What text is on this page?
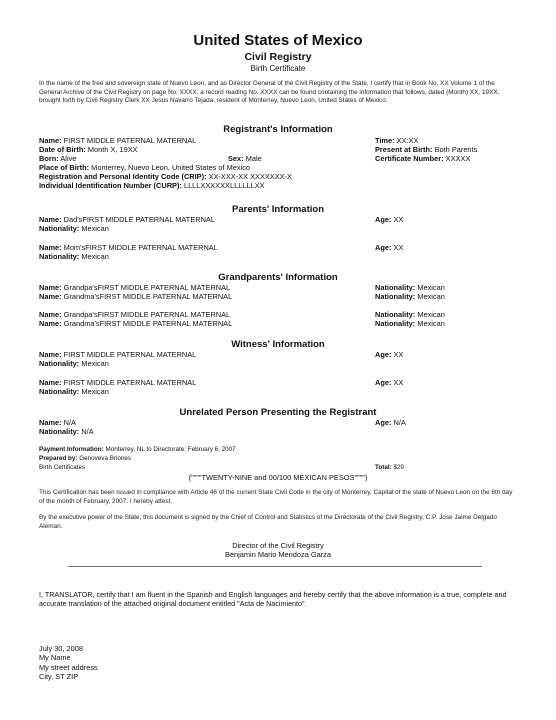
United States of Mexico
Civil Registry
Birth Certificate
In the name of the free and sovereign state of Nuevo Leon, and as Director General of the Civil Registry of the State, I certify that in Book No. XX Volume 1 of the General Archive of the Civil Registry on page No. XXXX, a record reading No. XXXX can be found containing the information that follows, dated (Month) XX, 19XX, brought forth by Civil Registry Clerk XX Jesus Navarro Tejada, resident of Monterrey, Nuevo Leon, United States of Mexico.
Registrant's Information
Name: FIRST MIDDLE PATERNAL MATERNAL	Time: XX:XX
Date of Birth: Month X, 19XX	Present at Birth: Both Parents
Born: Alive	Sex: Male	Certificate Number: XXXXX
Place of Birth: Monterrey, Nuevo Leon, United States of Mexico
Registration and Personal Identity Code (CRIP): XX-XXX-XX XXXXXXX-X
Individual Identification Number (CURP): LLLLXXXXXXLLLLLLXX
Parents' Information
Name: Dad'sFIRST MIDDLE PATERNAL MATERNAL	Age: XX
Nationality: Mexican
Name: Mom'sFIRST MIDDLE PATERNAL MATERNAL	Age: XX
Nationality: Mexican
Grandparents' Information
Name: Grandpa'sFIRST MIDDLE PATERNAL MATERNAL	Nationality: Mexican
Name: Grandma'sFIRST MIDDLE PATERNAL MATERNAL	Nationality: Mexican
Name: Grandpa'sFIRST MIDDLE PATERNAL MATERNAL	Nationality: Mexican
Name: Grandma'sFIRST MIDDLE PATERNAL MATERNAL	Nationality: Mexican
Witness' Information
Name: FIRST MIDDLE PATERNAL MATERNAL	Age: XX
Nationality: Mexican
Name: FIRST MIDDLE PATERNAL MATERNAL	Age: XX
Nationality: Mexican
Unrelated Person Presenting the Registrant
Name: N/A	Age: N/A
Nationality: N/A
Payment Information: Monterrey, NL to Directorate: February 6, 2007
Prepared by: Genoveva Briones
Birth Certificates	Total: $29
(""""TWENTY-NINE and 00/100 MEXICAN PESOS"""")
This Certification has been issued in compliance with Article 46 of the current State Civil Code in the city of Monterrey, Capital of the state of Nuevo Leon on the 6th day of the month of February, 2007. I hereby attest.
By the executive power of the State, this document is signed by the Chief of Control and Statistics of the Directorate of the Civil Registry, C.P. Jose Jaime Delgado Aleman.
Director of the Civil Registry
Benjamin Mario Mendoza Garza
I, TRANSLATOR, certify that I am fluent in the Spanish and English languages and hereby certify that the above information is a true, complete and accurate translation of the attached original document entitled "Acta de Nacimiento".
July 30, 2008
My Name
My street address
City, ST ZIP
